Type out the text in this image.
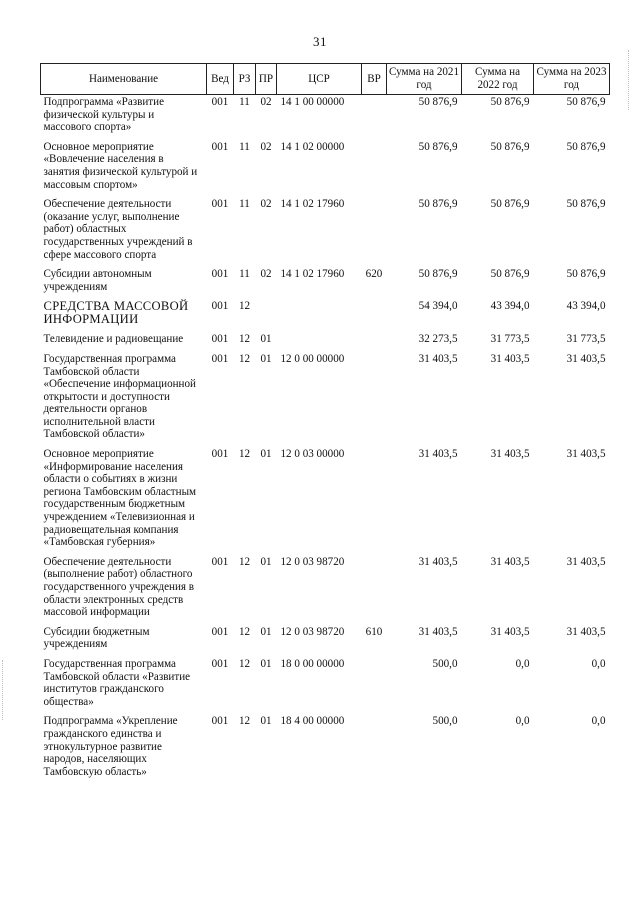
31
Наименование	Вед	РЗ	ПР	ЦСР	ВР	Сумма на 2021 год	Сумма на 2022 год	Сумма на 2023 год
Подпрограмма «Развитие физической культуры и массового спорта»	001	11	02	14 1 00 00000		50 876,9	50 876,9	50 876,9
Основное мероприятие «Вовлечение населения в занятия физической культурой и массовым спортом»	001	11	02	14 1 02 00000		50 876,9	50 876,9	50 876,9
Обеспечение деятельности (оказание услуг, выполнение работ) областных государственных учреждений в сфере массового спорта	001	11	02	14 1 02 17960		50 876,9	50 876,9	50 876,9
Субсидии автономным учреждениям	001	11	02	14 1 02 17960	620	50 876,9	50 876,9	50 876,9
СРЕДСТВА МАССОВОЙ ИНФОРМАЦИИ	001	12				54 394,0	43 394,0	43 394,0
Телевидение и радиовещание	001	12	01			32 273,5	31 773,5	31 773,5
Государственная программа Тамбовской области «Обеспечение информационной открытости и доступности деятельности органов исполнительной власти Тамбовской области»	001	12	01	12 0 00 00000		31 403,5	31 403,5	31 403,5
Основное мероприятие «Информирование населения области о событиях в жизни региона Тамбовским областным государственным бюджетным учреждением «Телевизионная и радиовещательная компания «Тамбовская губерния»	001	12	01	12 0 03 00000		31 403,5	31 403,5	31 403,5
Обеспечение деятельности (выполнение работ) областного государственного учреждения в области электронных средств массовой информации	001	12	01	12 0 03 98720		31 403,5	31 403,5	31 403,5
Субсидии бюджетным учреждениям	001	12	01	12 0 03 98720	610	31 403,5	31 403,5	31 403,5
Государственная программа Тамбовской области «Развитие институтов гражданского общества»	001	12	01	18 0 00 00000		500,0	0,0	0,0
Подпрограмма «Укрепление гражданского единства и этнокультурное развитие народов, населяющих Тамбовскую область»	001	12	01	18 4 00 00000		500,0	0,0	0,0
